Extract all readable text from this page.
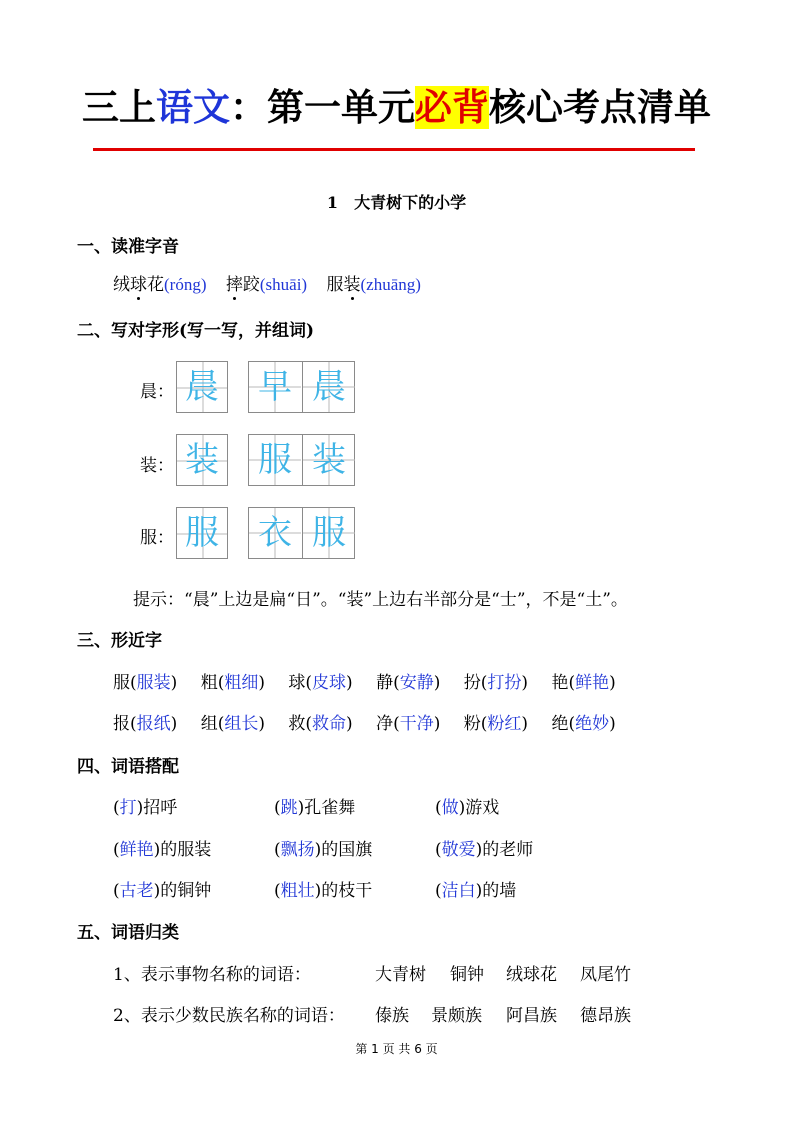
三上语文：第一单元必背核心考点清单
1 大青树下的小学
一、读准字音
绒球花(róng) 摔跤(shuāi) 服装(zhuāng)
二、写对字形(写一写，并组词)
晨： 晨 早 晨
装： 装 服 装
服： 服 衣 服
提示：“晨”上边是扁“日”。“装”上边右半部分是“士”，不是“土”。
三、形近字
服(服装) 粗(粗细) 球(皮球) 静(安静) 扮(打扮) 艳(鲜艳)
报(报纸) 组(组长) 救(救命) 净(干净) 粉(粉红) 绝(绝妙)
四、词语搭配
(打)招呼	(跳)孔雀舞	(做)游戏
(鲜艳)的服装	(飘扬)的国旗	(敬爱)的老师
(古老)的铜钟	(粗壮)的枝干	(洁白)的墙
五、词语归类
1、表示事物名称的词语：	大青树 铜钟 绒球花 凤尾竹
2、表示少数民族名称的词语： 傣族 景颇族 阿昌族 德昂族
第 1 页 共 6 页
